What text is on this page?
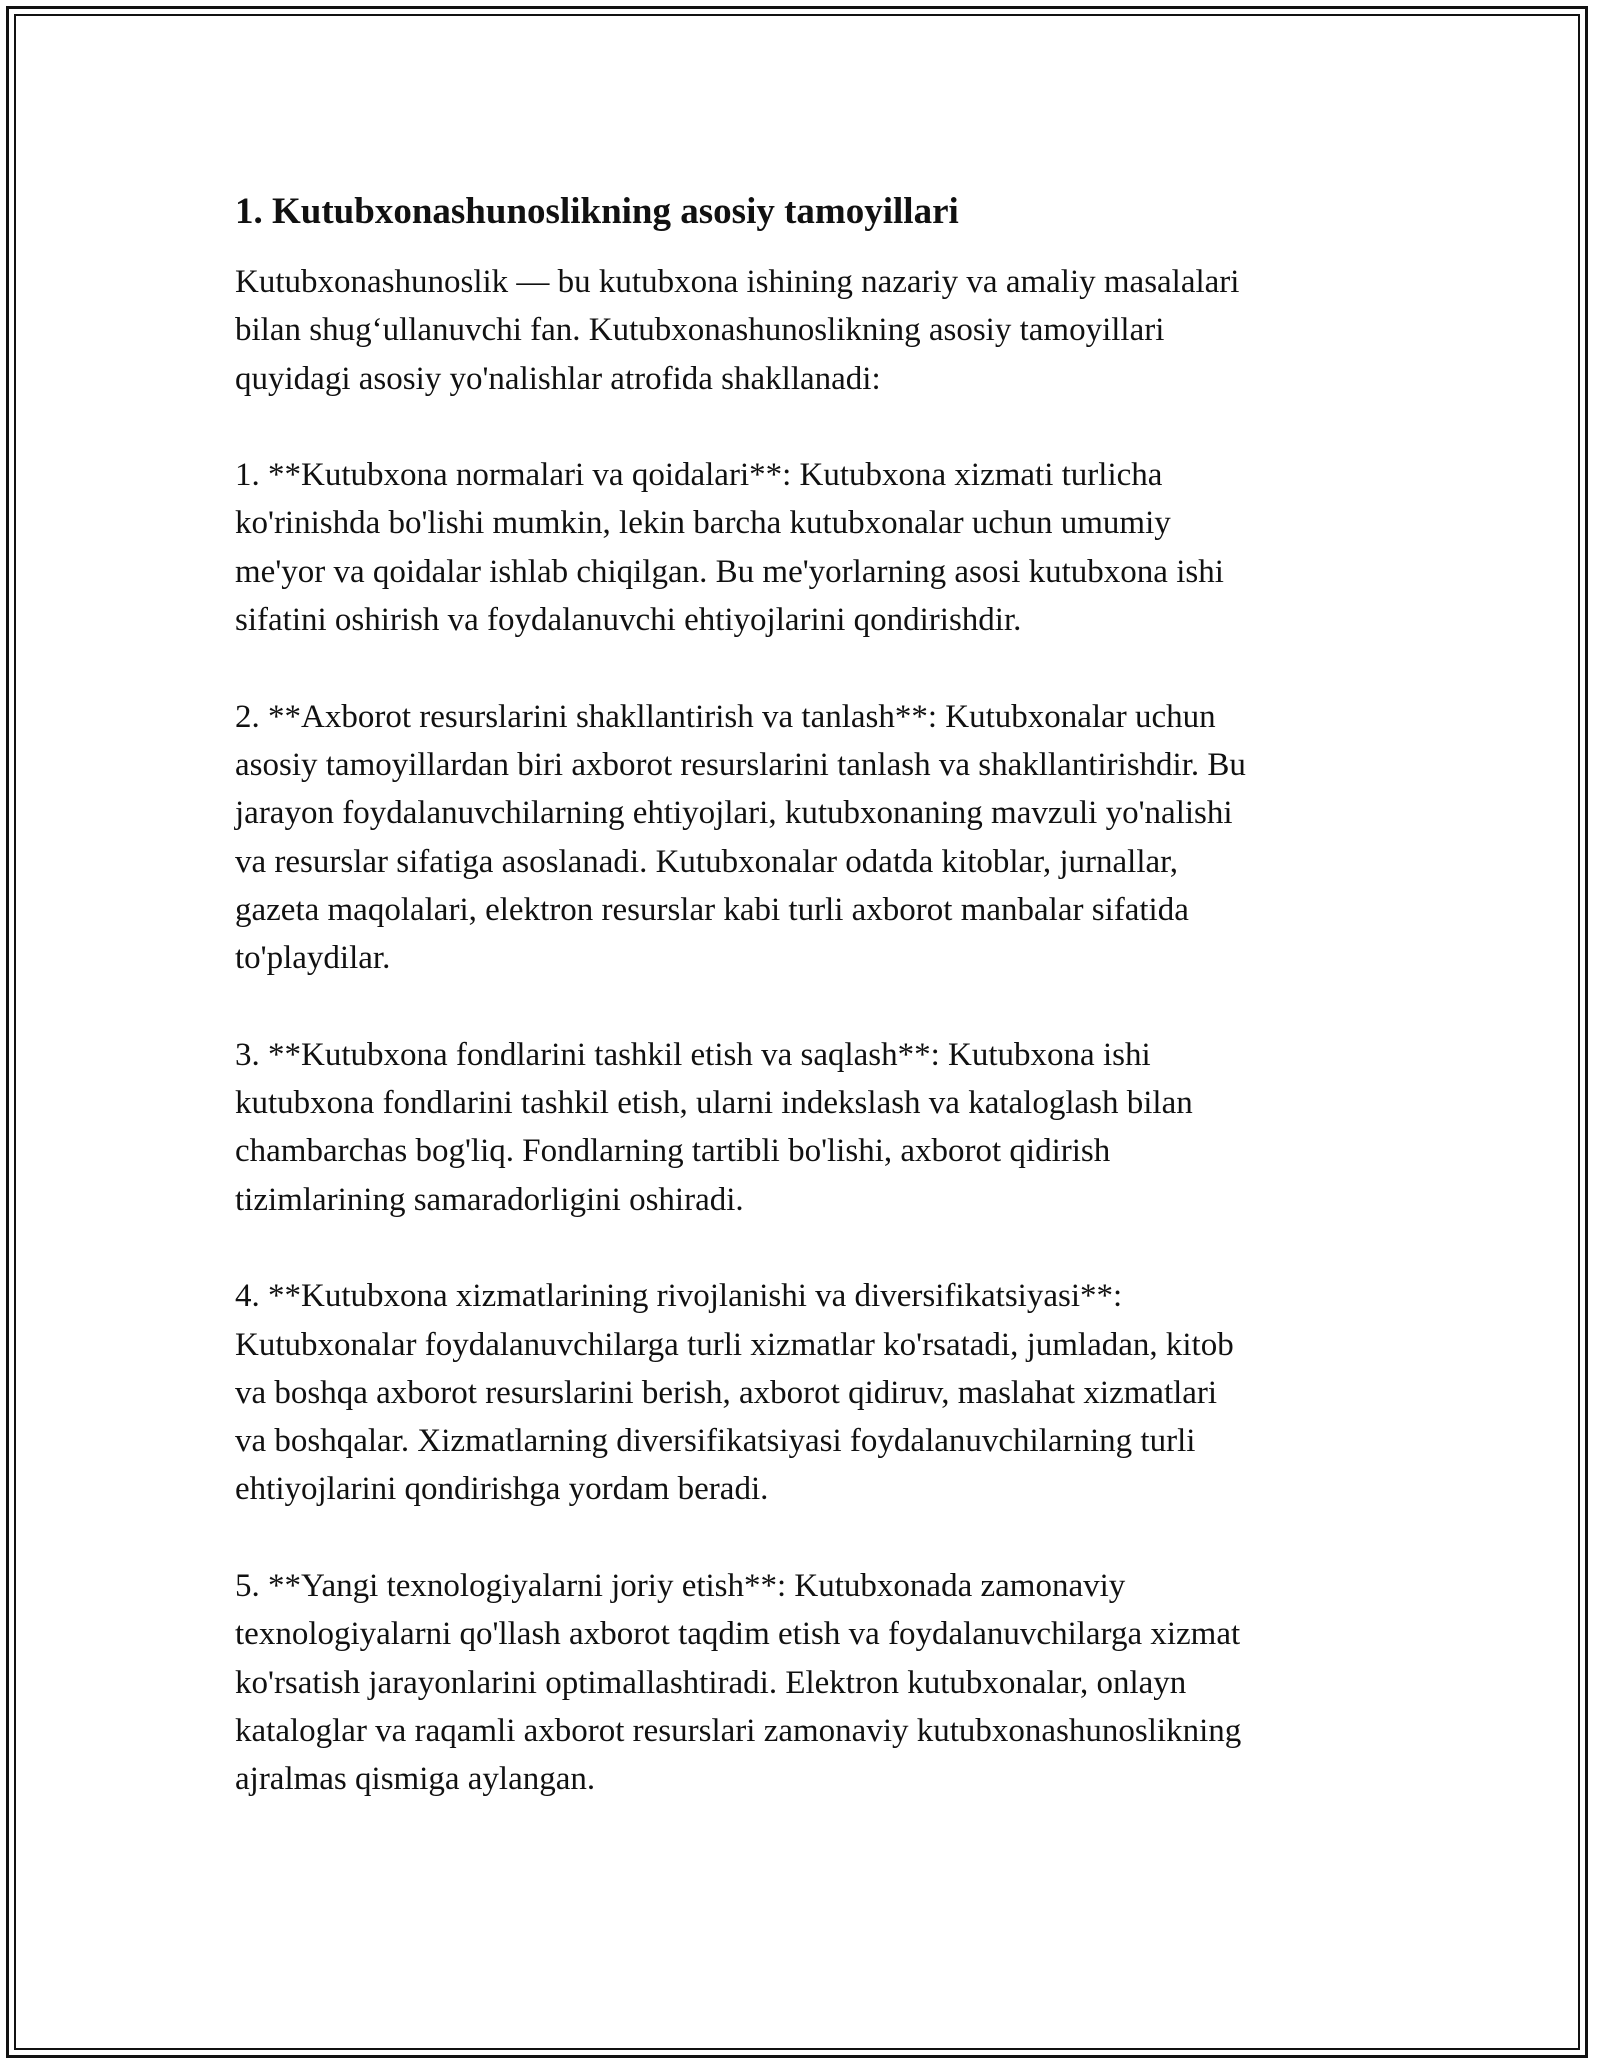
1. Kutubxonashunoslikning asosiy tamoyillari
Kutubxonashunoslik — bu kutubxona ishining nazariy va amaliy masalalari
bilan shug‘ullanuvchi fan. Kutubxonashunoslikning asosiy tamoyillari
quyidagi asosiy yo'nalishlar atrofida shakllanadi:
1. **Kutubxona normalari va qoidalari**: Kutubxona xizmati turlicha
ko'rinishda bo'lishi mumkin, lekin barcha kutubxonalar uchun umumiy
me'yor va qoidalar ishlab chiqilgan. Bu me'yorlarning asosi kutubxona ishi
sifatini oshirish va foydalanuvchi ehtiyojlarini qondirishdir.
2. **Axborot resurslarini shakllantirish va tanlash**: Kutubxonalar uchun
asosiy tamoyillardan biri axborot resurslarini tanlash va shakllantirishdir. Bu
jarayon foydalanuvchilarning ehtiyojlari, kutubxonaning mavzuli yo'nalishi
va resurslar sifatiga asoslanadi. Kutubxonalar odatda kitoblar, jurnallar,
gazeta maqolalari, elektron resurslar kabi turli axborot manbalar sifatida
to'playdilar.
3. **Kutubxona fondlarini tashkil etish va saqlash**: Kutubxona ishi
kutubxona fondlarini tashkil etish, ularni indekslash va kataloglash bilan
chambarchas bog'liq. Fondlarning tartibli bo'lishi, axborot qidirish
tizimlarining samaradorligini oshiradi.
4. **Kutubxona xizmatlarining rivojlanishi va diversifikatsiyasi**:
Kutubxonalar foydalanuvchilarga turli xizmatlar ko'rsatadi, jumladan, kitob
va boshqa axborot resurslarini berish, axborot qidiruv, maslahat xizmatlari
va boshqalar. Xizmatlarning diversifikatsiyasi foydalanuvchilarning turli
ehtiyojlarini qondirishga yordam beradi.
5. **Yangi texnologiyalarni joriy etish**: Kutubxonada zamonaviy
texnologiyalarni qo'llash axborot taqdim etish va foydalanuvchilarga xizmat
ko'rsatish jarayonlarini optimallashtiradi. Elektron kutubxonalar, onlayn
kataloglar va raqamli axborot resurslari zamonaviy kutubxonashunoslikning
ajralmas qismiga aylangan.
